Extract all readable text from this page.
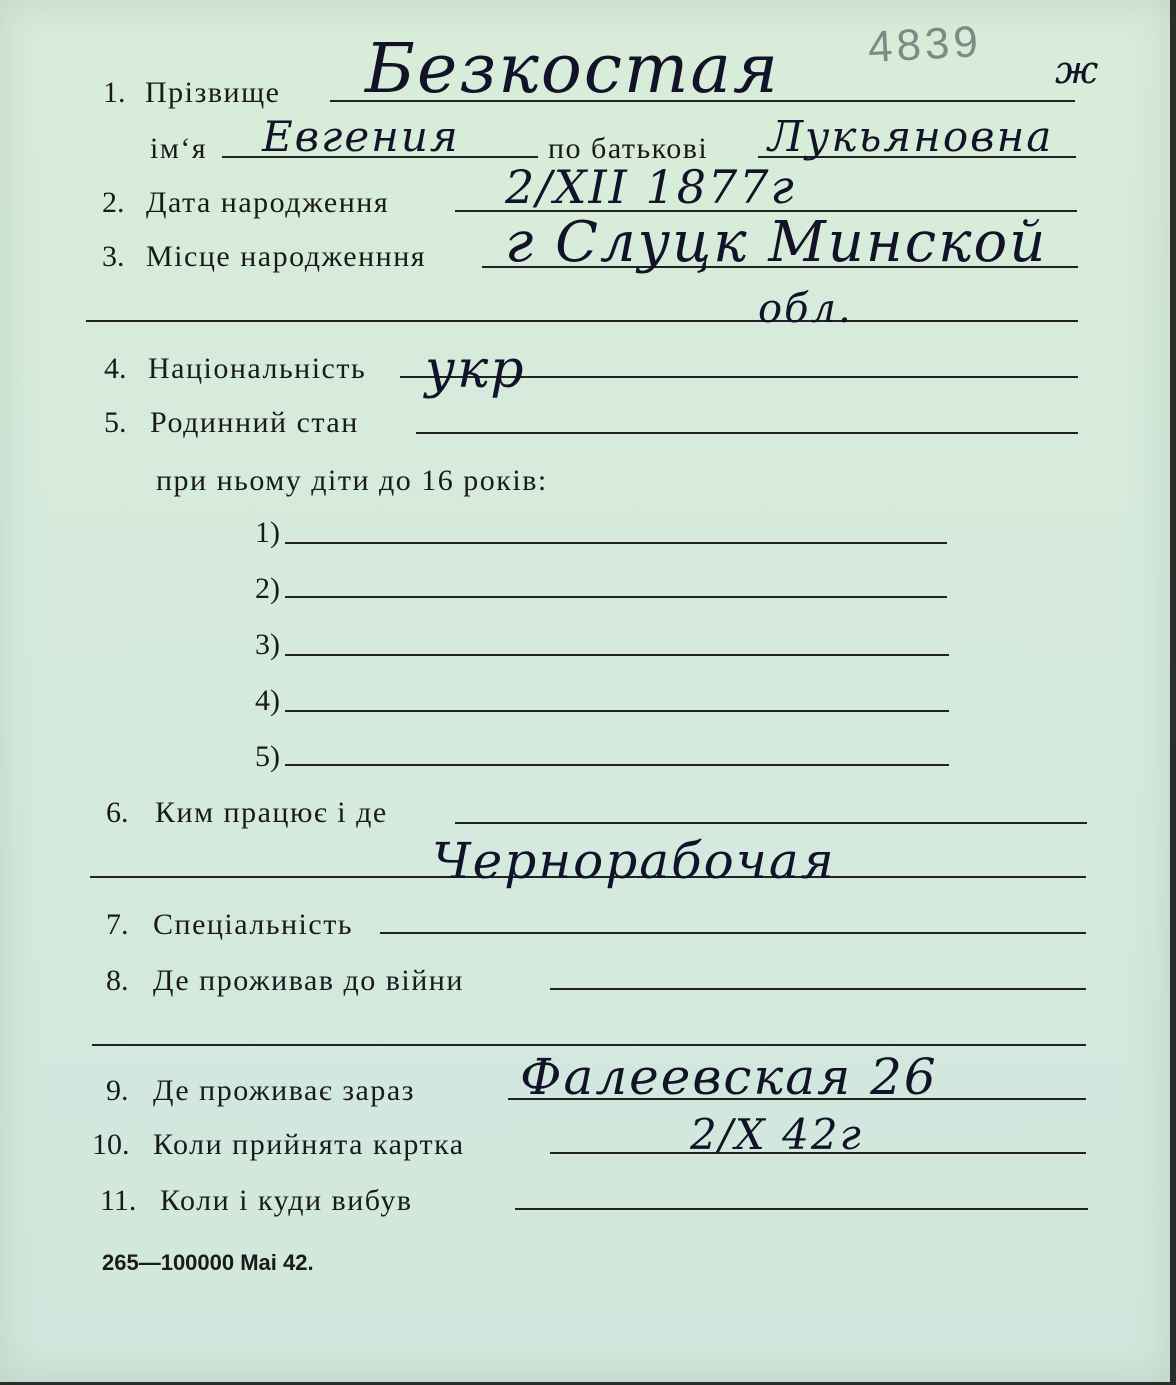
4839 ж
1. Прізвище Безкостая
ім‘я Евгения	по батькові Лукьяновна
2. Дата народження	2/XII 1877г
3. Місце народженння г Слуцк Минской
обл.
4. Національність укр
5. Родинний стан
при ньому діти до 16 років:
1)
2)
3)
4)
5)
6. Ким працює і де
Чернорабочая
7. Спеціальність
8. Де проживав до війни
9. Де проживає зараз Фалеевская 26
10. Коли прийнята картка	2/X 42г
11. Коли і куди вибув
265—100000 Mai 42.
